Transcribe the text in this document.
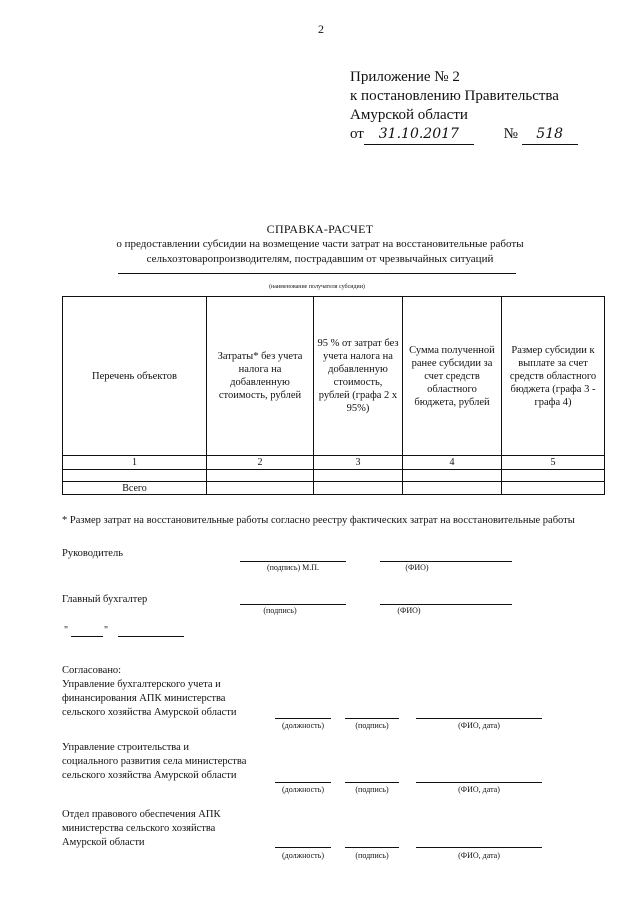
2
Приложение № 2
к постановлению Правительства
Амурской области
от 31.10.2017	№ 518
СПРАВКА-РАСЧЕТ
о предоставлении субсидии на возмещение части затрат на восстановительные работы
сельхозтоваропроизводителям, пострадавшим от чрезвычайных ситуаций
(наименование получателя субсидии)
Перечень объектов	Затраты* без учета налога на добавленную стоимость, рублей	95 % от затрат без учета налога на добавленную стоимость, рублей (графа 2 х 95%)	Сумма полученной ранее субсидии за счет средств областного бюджета, рублей	Размер субсидии к выплате за счет средств областного бюджета (графа 3 - графа 4)
1	2	3	4	5

Всего				
* Размер затрат на восстановительные работы согласно реестру фактических затрат на восстановительные работы
Руководитель
(подпись) М.П.	(ФИО)
Главный бухгалтер
(подпись)	(ФИО)
"	"
Согласовано:
Управление бухгалтерского учета и
финансирования АПК министерства
сельского хозяйства Амурской области
(должность)	(подпись)	(ФИО, дата)
Управление строительства и
социального развития села министерства
сельского хозяйства Амурской области
(должность)	(подпись)	(ФИО, дата)
Отдел правового обеспечения АПК
министерства сельского хозяйства
Амурской области
(должность)	(подпись)	(ФИО, дата)
